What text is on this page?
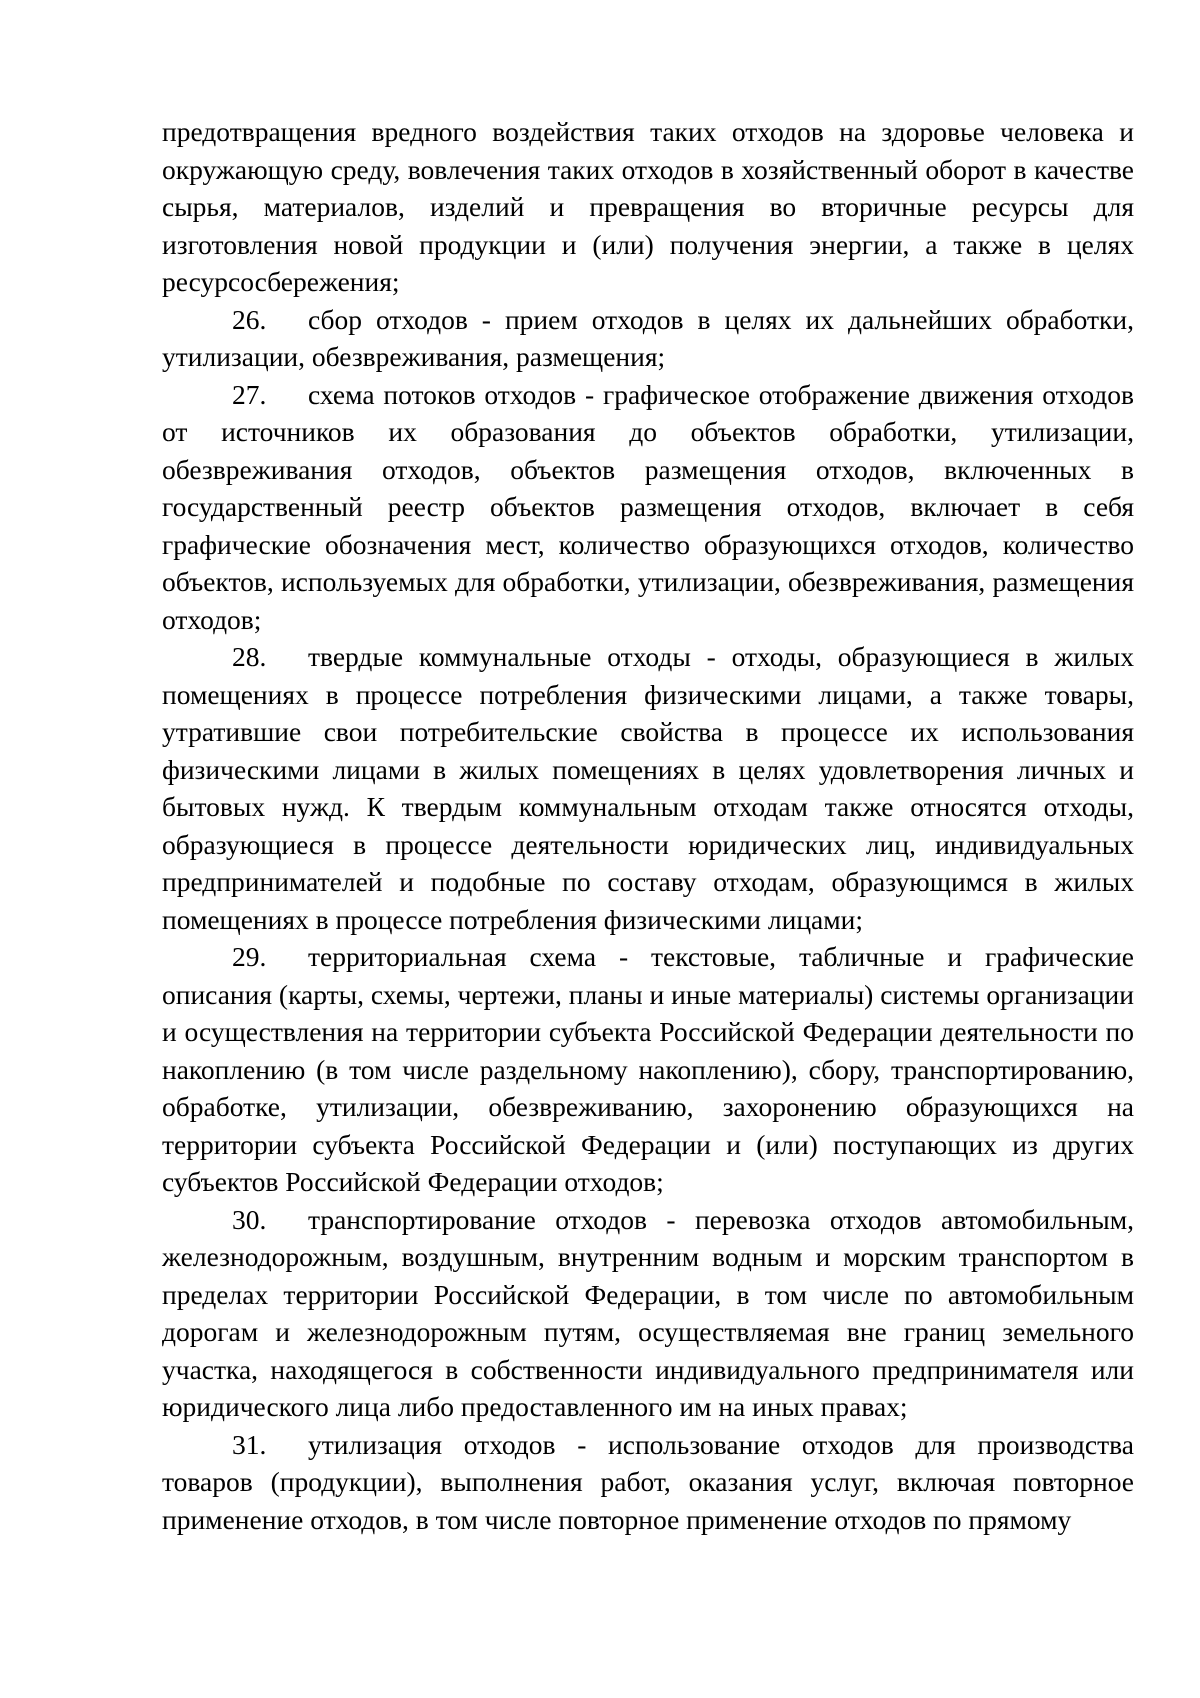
предотвращения вредного воздействия таких отходов на здоровье человека и окружающую среду, вовлечения таких отходов в хозяйственный оборот в качестве сырья, материалов, изделий и превращения во вторичные ресурсы для изготовления новой продукции и (или) получения энергии, а также в целях ресурсосбережения;

26. сбор отходов - прием отходов в целях их дальнейших обработки, утилизации, обезвреживания, размещения;

27. схема потоков отходов - графическое отображение движения отходов от источников их образования до объектов обработки, утилизации, обезвреживания отходов, объектов размещения отходов, включенных в государственный реестр объектов размещения отходов, включает в себя графические обозначения мест, количество образующихся отходов, количество объектов, используемых для обработки, утилизации, обезвреживания, размещения отходов;

28. твердые коммунальные отходы - отходы, образующиеся в жилых помещениях в процессе потребления физическими лицами, а также товары, утратившие свои потребительские свойства в процессе их использования физическими лицами в жилых помещениях в целях удовлетворения личных и бытовых нужд. К твердым коммунальным отходам также относятся отходы, образующиеся в процессе деятельности юридических лиц, индивидуальных предпринимателей и подобные по составу отходам, образующимся в жилых помещениях в процессе потребления физическими лицами;

29. территориальная схема - текстовые, табличные и графические описания (карты, схемы, чертежи, планы и иные материалы) системы организации и осуществления на территории субъекта Российской Федерации деятельности по накоплению (в том числе раздельному накоплению), сбору, транспортированию, обработке, утилизации, обезвреживанию, захоронению образующихся на территории субъекта Российской Федерации и (или) поступающих из других субъектов Российской Федерации отходов;

30. транспортирование отходов - перевозка отходов автомобильным, железнодорожным, воздушным, внутренним водным и морским транспортом в пределах территории Российской Федерации, в том числе по автомобильным дорогам и железнодорожным путям, осуществляемая вне границ земельного участка, находящегося в собственности индивидуального предпринимателя или юридического лица либо предоставленного им на иных правах;

31. утилизация отходов - использование отходов для производства товаров (продукции), выполнения работ, оказания услуг, включая повторное применение отходов, в том числе повторное применение отходов по прямому
